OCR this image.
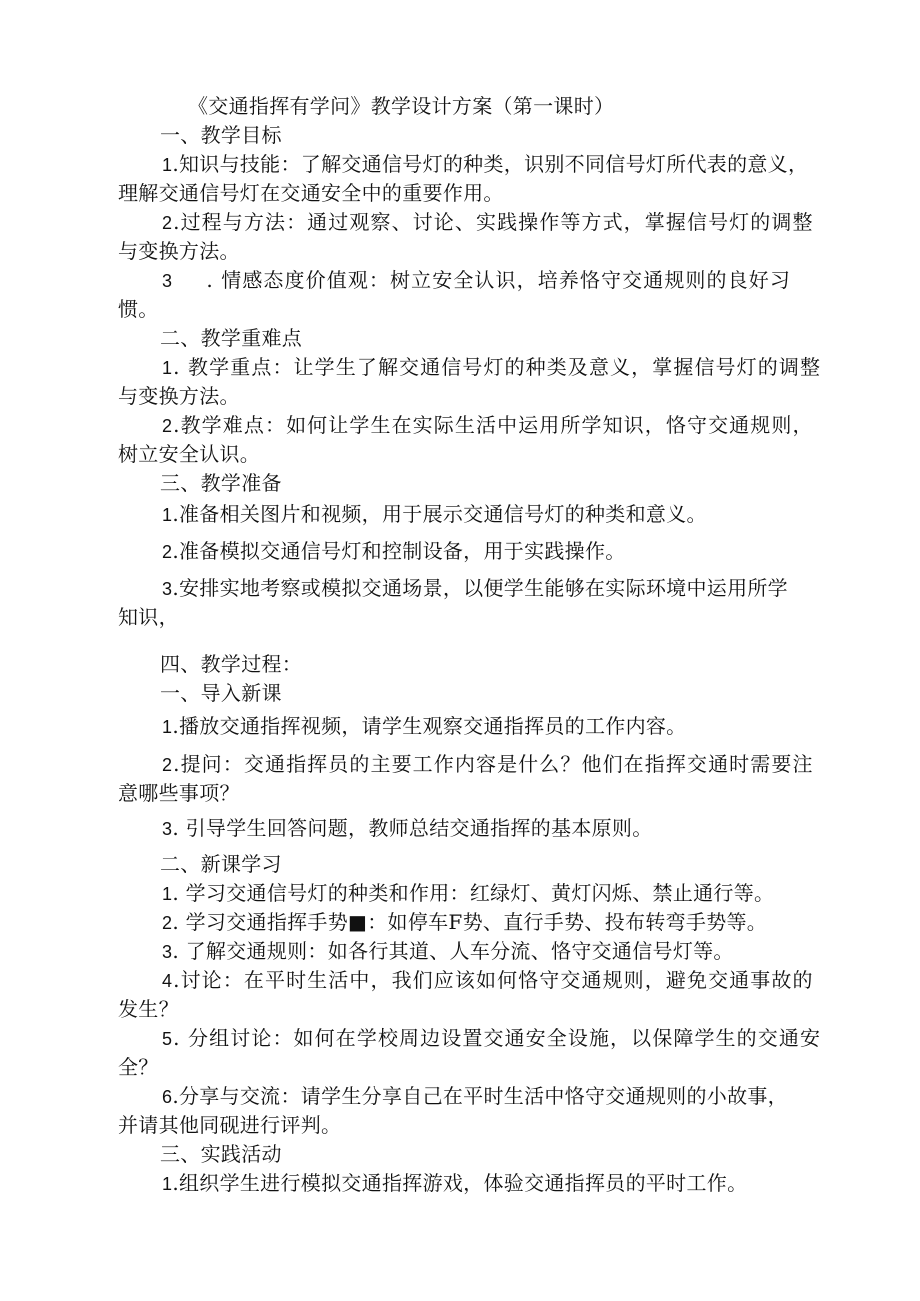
《交通指挥有学问》教学设计方案（第一课时）
一、教学目标
1.知识与技能：了解交通信号灯的种类，识别不同信号灯所代表的意义，
理解交通信号灯在交通安全中的重要作用。
2.过程与方法：通过观察、讨论、实践操作等方式，掌握信号灯的调整
与变换方法。
3 . 情感态度价值观：树立安全认识，培养恪守交通规则的良好习
惯。
二、教学重难点
1. 教学重点：让学生了解交通信号灯的种类及意义，掌握信号灯的调整
与变换方法。
2.教学难点：如何让学生在实际生活中运用所学知识，恪守交通规则，
树立安全认识。
三、教学准备
1.准备相关图片和视频，用于展示交通信号灯的种类和意义。
2.准备模拟交通信号灯和控制设备，用于实践操作。
3.安排实地考察或模拟交通场景，以便学生能够在实际环境中运用所学
知识，
四、教学过程：
一、导入新课
1.播放交通指挥视频，请学生观察交通指挥员的工作内容。
2.提问：交通指挥员的主要工作内容是什么？他们在指挥交通时需要注
意哪些事项？
3. 引导学生回答问题，教师总结交通指挥的基本原则。
二、新课学习
1. 学习交通信号灯的种类和作用：红绿灯、黄灯闪烁、禁止通行等。
2. 学习交通指挥手势■：如停车F势、直行手势、投布转弯手势等。
3. 了解交通规则：如各行其道、人车分流、恪守交通信号灯等。
4.讨论：在平时生活中，我们应该如何恪守交通规则，避免交通事故的
发生？
5. 分组讨论：如何在学校周边设置交通安全设施，以保障学生的交通安
全？
6.分享与交流：请学生分享自己在平时生活中恪守交通规则的小故事，
并请其他同砚进行评判。
三、实践活动
1.组织学生进行模拟交通指挥游戏，体验交通指挥员的平时工作。
